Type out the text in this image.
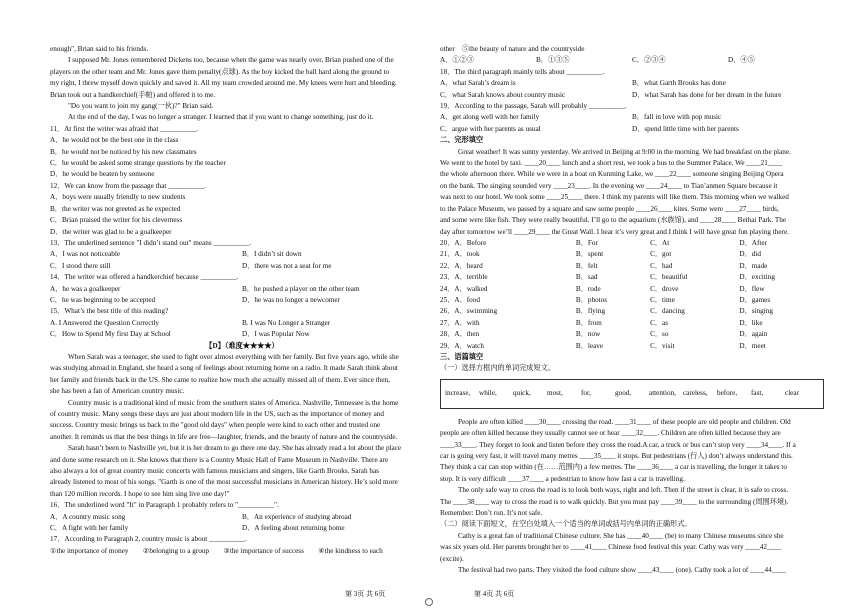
enough", Brian said to his friends.
I supposed Mr. Jones remembered Dickens too, because when the game was nearly over, Brian pushed one of the
players on the other team and Mr. Jones gave them penalty(点球). As the boy kicked the ball hard along the ground to
my right, I threw myself down quickly and saved it. All my team crowded around me. My knees were hurt and bleeding.
Brian took out a handkerchief(手帕) and offered it to me.
"Do you want to join my gang(一伙)?" Brian said.
At the end of the day, I was no longer a stranger. I learned that if you want to change something, just do it.
11．At first the writer was afraid that __________.
A．he would not be the best one in the class
B．he would not be noticed by his new classmates
C．he would be asked some strange questions by the teacher
D．he would be beaten by someone
12．We can know from the passage that __________.
A．boys were usually friendly to new students
B．the writer was not greeted as he expected
C．Brian praised the writer for his cleverness
D．the writer was glad to be a goalkeeper
13．The underlined sentence "I didn’t stand out" means __________.
A．I was not noticeable	B．I didn’t sit down
C．I stood there still	D．there was not a seat for me
14．The writer was offered a handkerchief because __________.
A．he was a goalkeeper	B．he pushed a player on the other team
C．he was beginning to be accepted	D．he was no longer a newcomer
15．What’s the best title of this reading?
A. I Answered the Question Correctly	B. I was No Longer a Stranger
C．How to Spend My first Day at School	D．I was Popular Now
【D】（难度★★★★）
When Sarah was a teenager, she used to fight over almost everything with her family. But five years ago, while she
was studying abroad in England, she heard a song of feelings about returning home on a radio. It made Sarah think about
her family and friends back in the US. She came to realize how much she actually missed all of them. Ever since then,
she has been a fan of American country music.
Country music is a traditional kind of music from the southern states of America. Nashville, Tennessee is the home
of country music. Many songs these days are just about modern life in the US, such as the importance of money and
success. Country music brings us back to the "good old days" when people were kind to each other and trusted one
another. It reminds us that the best things in life are free—laughter, friends, and the beauty of nature and the countryside.
Sarah hasn’t been to Nashville yet, but it is her dream to go there one day. She has already read a lot about the place
and done some research on it. She knows that there is a Country Music Hall of Fame Museum in Nashville. There are
also always a lot of great country music concerts with famous musicians and singers, like Garth Brooks. Sarah has
already listened to most of his songs. "Garth is one of the most successful musicians in American history. He’s sold more
than 120 million records. I hope to see him sing live one day!"
16．The underlined word "It" in Paragraph 1 probably refers to "__________".
A．A country music song	B．An experience of studying abroad
C．A fight with her family	D．A feeling about returning home
17．According to Paragraph 2, country music is about __________.
①the importance of money　　②belonging to a group　　③the importance of success　　④the kindness to each
other　⑤the beauty of nature and the countryside
A．①②③	B．①③⑤	C．②③④	D．④⑤
18．The third paragraph mainly tells about __________.
A．what Sarah’s dream is	B．what Garth Brooks has done
C．what Sarah knows about country music	D．what Sarah has done for her dream in the future
19．According to the passage, Sarah will probably __________.
A．get along well with her family	B．fall in love with pop music
C．argue with her parents as usual	D．spend little time with her parents
二、完形填空
Great weather! It was sunny yesterday. We arrived in Beijing at 9:00 in the morning. We had breakfast on the plane.
We went to the hotel by taxi. ____20____ lunch and a short rest, we took a bus to the Summer Palace. We ____21____
the whole afternoon there. While we were in a boat on Kunming Lake, we ____22____ someone singing Beijing Opera
on the bank. The singing sounded very ____23____. In the evening we ____24____ to Tian’anmen Square because it
was next to our hotel. We took some ____25____ there. I think my parents will like them. This morning when we walked
to the Palace Museum, we passed by a square and saw some people ____26____ kites. Some were ____27____ birds,
and some were like fish. They were really beautiful. I’ll go to the aquarium (水族馆), and ____28____ Beihai Park. The
day after tomorrow we’ll ____29____ the Great Wall. I hear it’s very great and I think I will have great fun playing there.
20．A．Before	B．For	C．At	D．After
21．A．took	B．spent	C．got	D．did
22．A．heard	B．felt	C．had	D．made
23．A．terrible	B．sad	C．beautiful	D．exciting
24．A．walked	B．rode	C．drove	D．flew
25．A．food	B．photos	C．time	D．games
26．A．swimming	B．flying	C．dancing	D．singing
27．A．with	B．from	C．as	D．like
28．A．then	B．now	C．so	D．again
29．A．watch	B．leave	C．visit	D．meet
三、语篇填空
（一）选择方框内的单词完成短文。
increase,	while,	quick,	most,	for,	good,	attention, careless,	before,	fast,	clear
People are often killed ____30____ crossing the road. ____31____ of these people are old people and children. Old
people are often killed because they usually cannot see or hear ____32____. Children are often killed because they are
____33____. They forget to look and listen before they cross the road.A car, a truck or bus can’t stop very ____34____. If a
car is going very fast, it will travel many metres ____35____ it stops. But pedestrians (行人) don’t always understand this.
They think a car can stop within (在……范围内) a few metres. The ____36____ a car is travelling, the longer it takes to
stop. It is very difficult ____37____ a pedestrian to know how fast a car is travelling.
The only safe way to cross the road is to look both ways, right and left. Then if the street is clear, it is safe to cross.
The ____38____ way to cross the road is to walk quickly. But you must pay ____39____ to the surrounding (周围环境).
Remember: Don’t run. It’s not safe.
（二）阅读下面短文，在空白处填入一个适当的单词或括号内单词的正确形式。
Cathy is a great fan of traditional Chinese culture. She has ____40____ (be) to many Chinese museums since she
was six years old. Her parents brought her to ____41____ Chinese food festival this year. Cathy was very ____42____
(excite).
The festival had two parts. They visited the food culture show ____43____ (one). Cathy took a lot of ____44____
第 3页 共 6页	第 4页 共 6页
